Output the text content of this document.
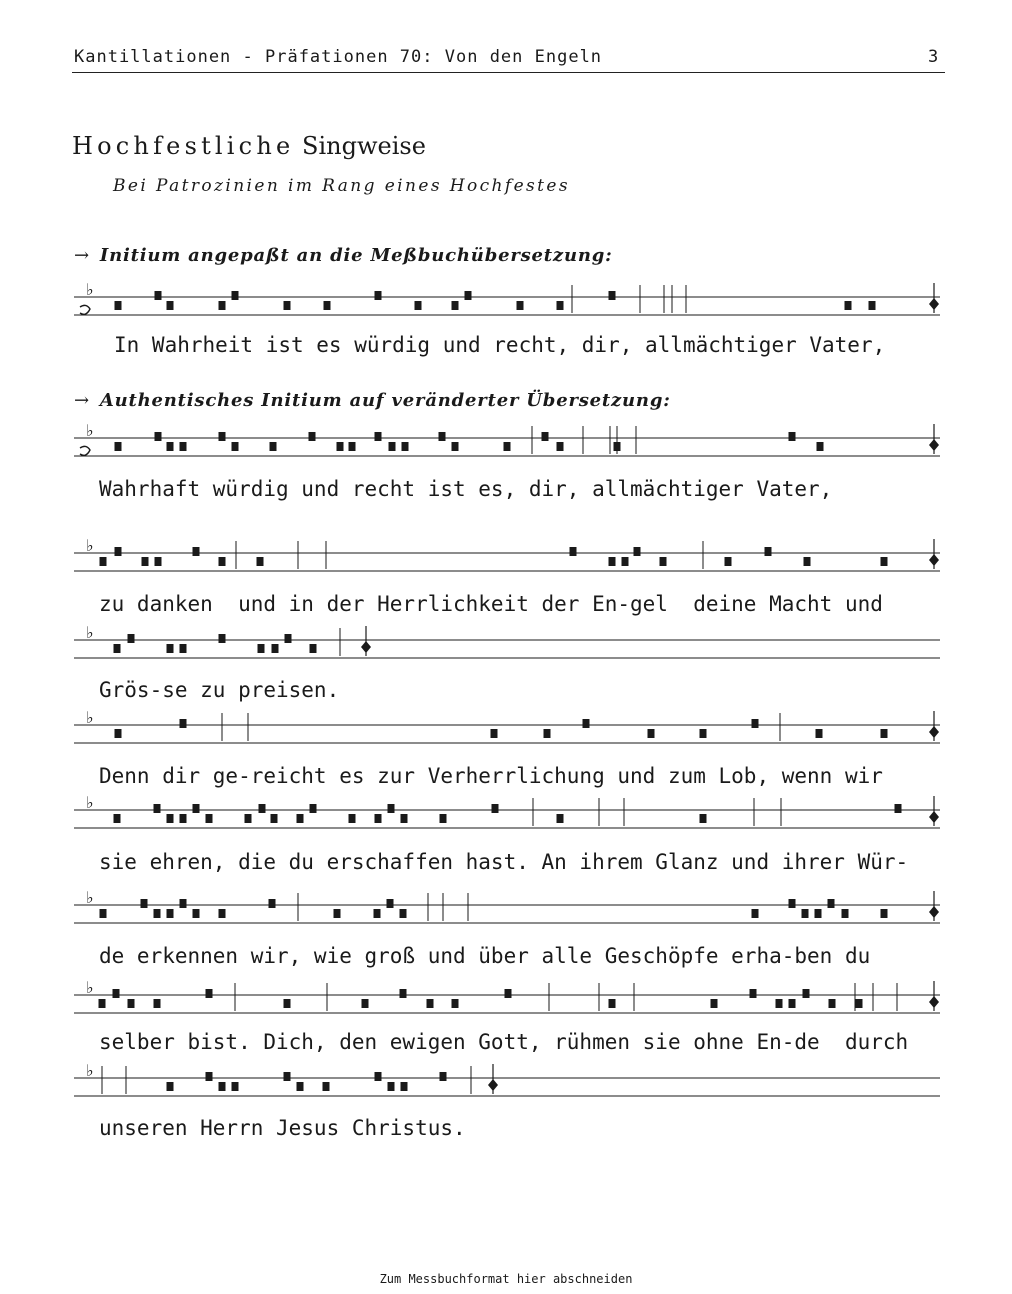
Kantillationen - Präfationen 70: Von den Engeln	3
Hochfestliche Singweise
Bei Patrozinien im Rang eines Hochfestes
→ Initium angepaßt an die Meßbuchübersetzung:
→ Authentisches Initium auf veränderter Übersetzung:
♭
♭
♭
♭
♭
♭
♭
♭
♭
In Wahrheit ist es würdig und recht, dir, allmächtiger Vater,
Wahrhaft würdig und recht ist es, dir, allmächtiger Vater,
zu danken  und in der Herrlichkeit der En-gel  deine Macht und
Grös-se zu preisen.
Denn dir ge-reicht es zur Verherrlichung und zum Lob, wenn wir
sie ehren, die du erschaffen hast. An ihrem Glanz und ihrer Wür-
de erkennen wir, wie groß und über alle Geschöpfe erha-ben du
selber bist. Dich, den ewigen Gott, rühmen sie ohne En-de  durch
unseren Herrn Jesus Christus.
Zum Messbuchformat hier abschneiden
